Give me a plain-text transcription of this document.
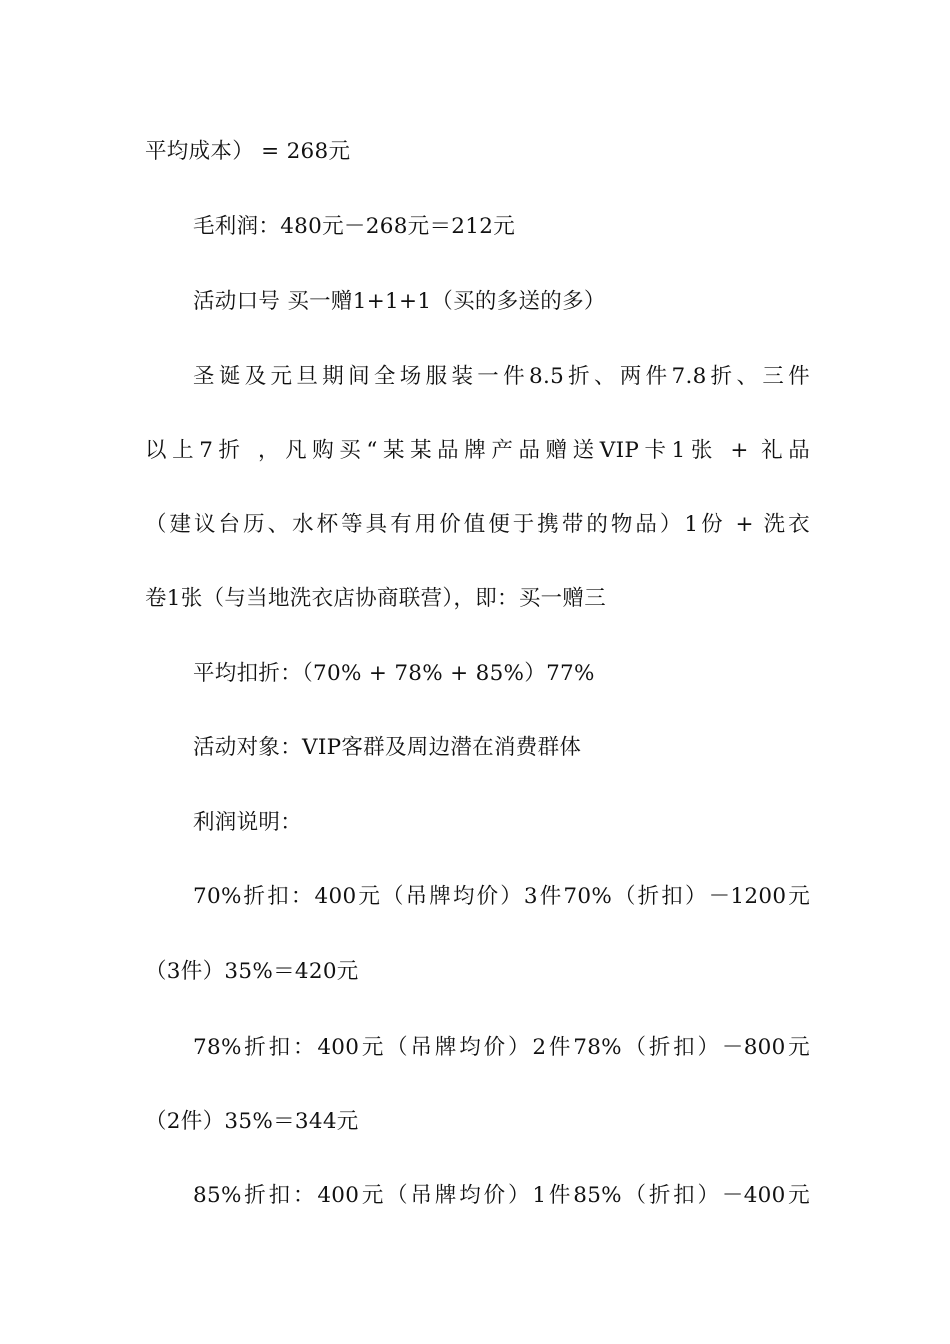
平均成本） = 268元
毛利润：480元－268元＝212元
活动口号 买一赠1+1+1（买的多送的多）
圣诞及元旦期间全场服装一件8.5折、两件7.8折、三件
以上7折 ，凡购买“某某品牌产品赠送VIP卡1张 + 礼品
（建议台历、水杯等具有用价值便于携带的物品）1份 + 洗衣
卷1张（与当地洗衣店协商联营），即：买一赠三
平均扣折：（70% + 78% + 85%）77%
活动对象：VIP客群及周边潜在消费群体
利润说明：
70%折扣：400元（吊牌均价）3件70%（折扣）－1200元
（3件）35%＝420元
78%折扣：400元（吊牌均价）2件78%（折扣）－800元
（2件）35%＝344元
85%折扣：400元（吊牌均价）1件85%（折扣）－400元
